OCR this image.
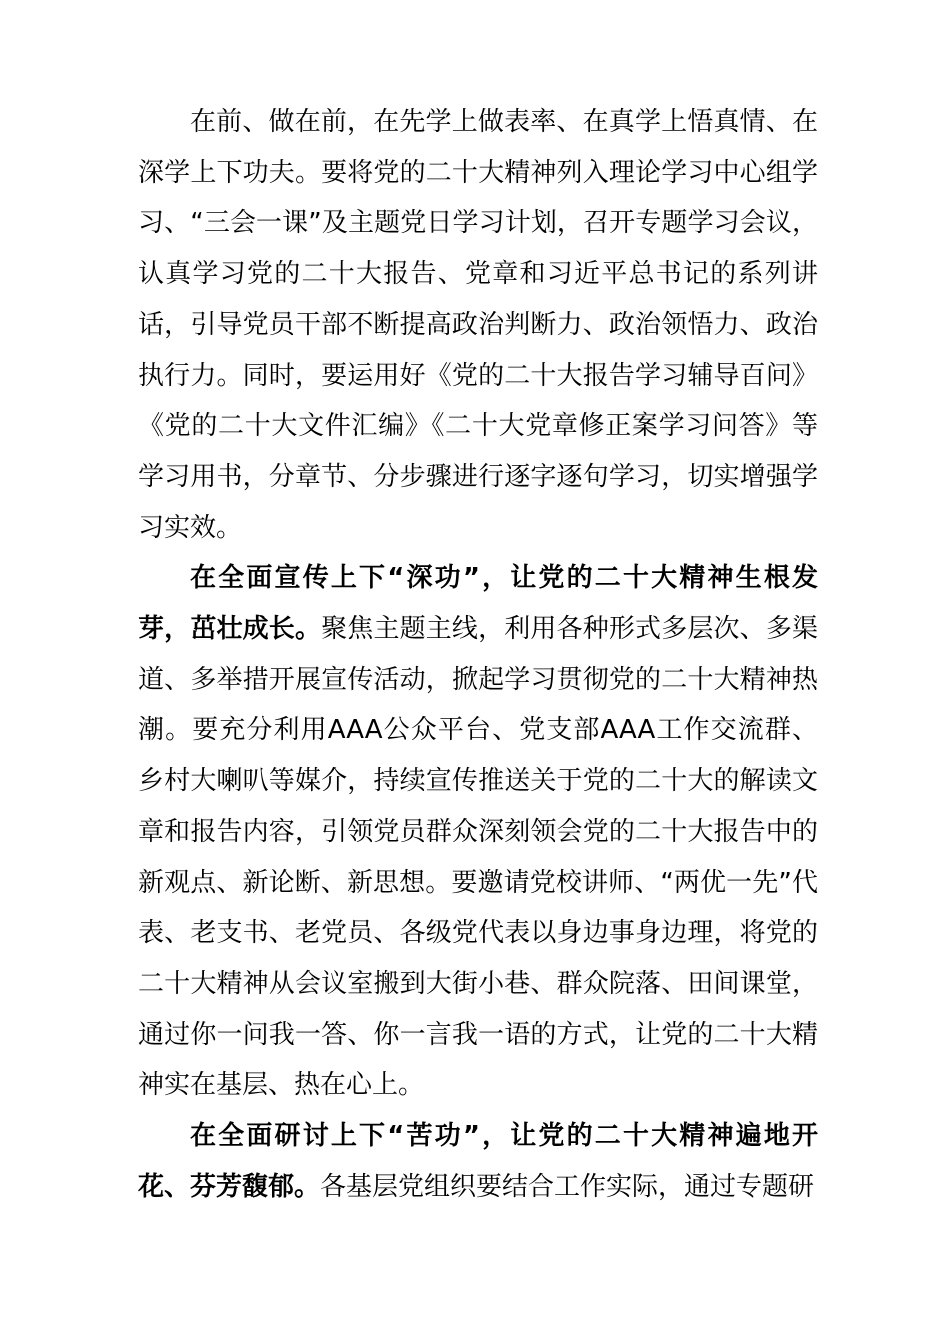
在前、做在前，在先学上做表率、在真学上悟真情、在深学上下功夫。要将党的二十大精神列入理论学习中心组学习、“三会一课”及主题党日学习计划，召开专题学习会议，认真学习党的二十大报告、党章和习近平总书记的系列讲话，引导党员干部不断提高政治判断力、政治领悟力、政治执行力。同时，要运用好《党的二十大报告学习辅导百问》《党的二十大文件汇编》《二十大党章修正案学习问答》等学习用书，分章节、分步骤进行逐字逐句学习，切实增强学习实效。

在全面宣传上下“深功”，让党的二十大精神生根发芽，茁壮成长。聚焦主题主线，利用各种形式多层次、多渠道、多举措开展宣传活动，掀起学习贯彻党的二十大精神热潮。要充分利用AAA公众平台、党支部AAA工作交流群、乡村大喇叭等媒介，持续宣传推送关于党的二十大的解读文章和报告内容，引领党员群众深刻领会党的二十大报告中的新观点、新论断、新思想。要邀请党校讲师、“两优一先”代表、老支书、老党员、各级党代表以身边事身边理，将党的二十大精神从会议室搬到大街小巷、群众院落、田间课堂，通过你一问我一答、你一言我一语的方式，让党的二十大精神实在基层、热在心上。

在全面研讨上下“苦功”，让党的二十大精神遍地开花、芬芳馥郁。各基层党组织要结合工作实际，通过专题研
